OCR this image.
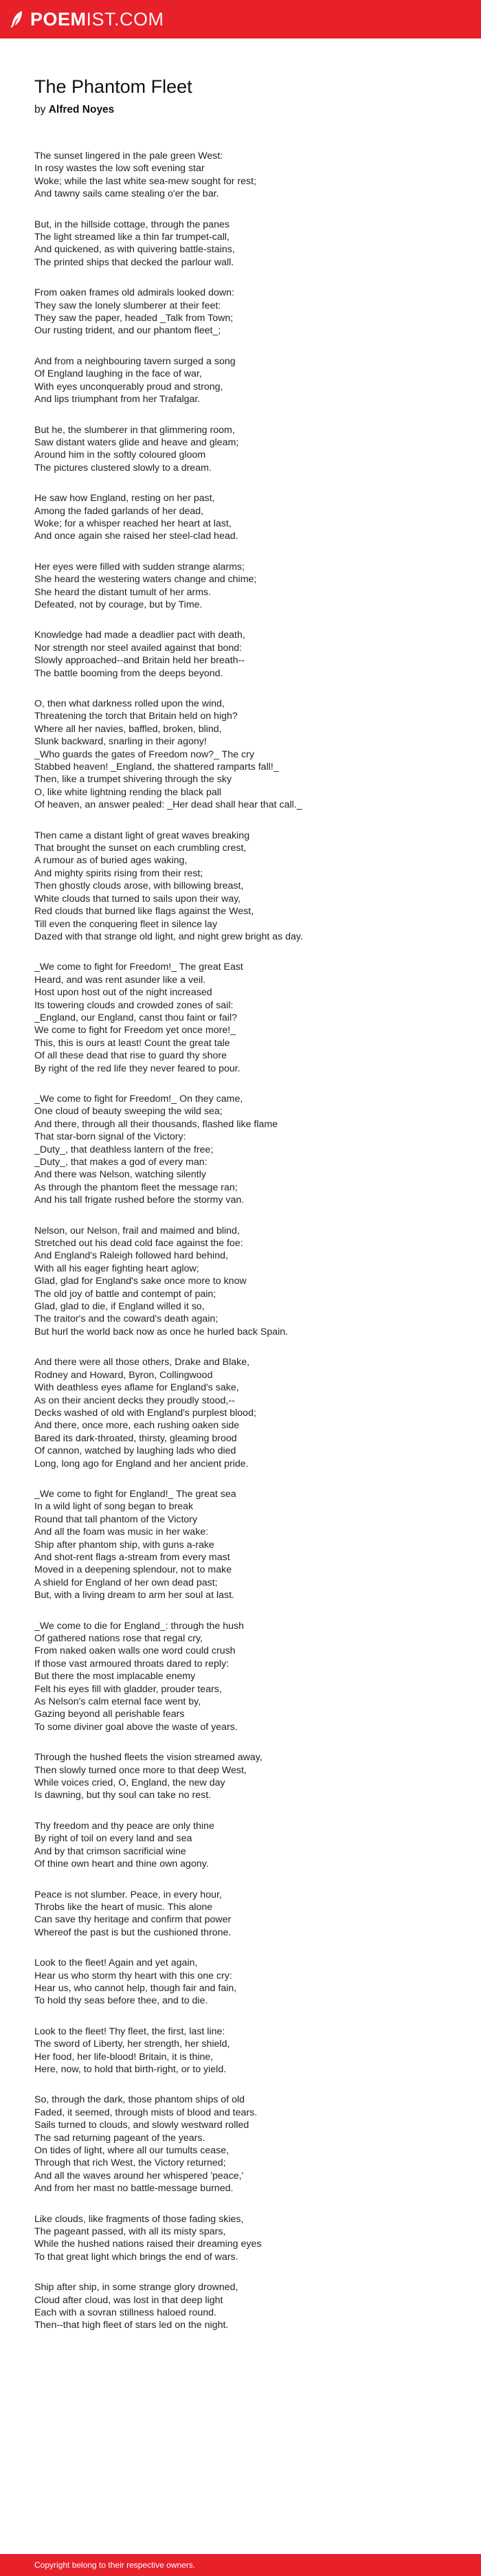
POEM IST.COM
The Phantom Fleet
by Alfred Noyes

The sunset lingered in the pale green West:
In rosy wastes the low soft evening star
Woke; while the last white sea-mew sought for rest;
And tawny sails came stealing o'er the bar.

But, in the hillside cottage, through the panes
The light streamed like a thin far trumpet-call,
And quickened, as with quivering battle-stains,
The printed ships that decked the parlour wall.

From oaken frames old admirals looked down:
They saw the lonely slumberer at their feet:
They saw the paper, headed _Talk from Town;
Our rusting trident, and our phantom fleet_;

And from a neighbouring tavern surged a song
Of England laughing in the face of war,
With eyes unconquerably proud and strong,
And lips triumphant from her Trafalgar.

But he, the slumberer in that glimmering room,
Saw distant waters glide and heave and gleam;
Around him in the softly coloured gloom
The pictures clustered slowly to a dream.

He saw how England, resting on her past,
Among the faded garlands of her dead,
Woke; for a whisper reached her heart at last,
And once again she raised her steel-clad head.

Her eyes were filled with sudden strange alarms;
She heard the westering waters change and chime;
She heard the distant tumult of her arms.
Defeated, not by courage, but by Time.

Knowledge had made a deadlier pact with death,
Nor strength nor steel availed against that bond:
Slowly approached--and Britain held her breath--
The battle booming from the deeps beyond.

O, then what darkness rolled upon the wind,
Threatening the torch that Britain held on high?
Where all her navies, baffled, broken, blind,
Slunk backward, snarling in their agony!
_Who guards the gates of Freedom now?_ The cry
Stabbed heaven! _England, the shattered ramparts fall!_
Then, like a trumpet shivering through the sky
O, like white lightning rending the black pall
Of heaven, an answer pealed: _Her dead shall hear that call._

Then came a distant light of great waves breaking
That brought the sunset on each crumbling crest,
A rumour as of buried ages waking,
And mighty spirits rising from their rest;
Then ghostly clouds arose, with billowing breast,
White clouds that turned to sails upon their way,
Red clouds that burned like flags against the West,
Till even the conquering fleet in silence lay
Dazed with that strange old light, and night grew bright as day.

_We come to fight for Freedom!_ The great East
Heard, and was rent asunder like a veil.
Host upon host out of the night increased
Its towering clouds and crowded zones of sail:
_England, our England, canst thou faint or fail?
We come to fight for Freedom yet once more!_
This, this is ours at least! Count the great tale
Of all these dead that rise to guard thy shore
By right of the red life they never feared to pour.

_We come to fight for Freedom!_ On they came,
One cloud of beauty sweeping the wild sea;
And there, through all their thousands, flashed like flame
That star-born signal of the Victory:
_Duty_, that deathless lantern of the free;
_Duty_, that makes a god of every man:
And there was Nelson, watching silently
As through the phantom fleet the message ran;
And his tall frigate rushed before the stormy van.

Nelson, our Nelson, frail and maimed and blind,
Stretched out his dead cold face against the foe:
And England's Raleigh followed hard behind,
With all his eager fighting heart aglow;
Glad, glad for England's sake once more to know
The old joy of battle and contempt of pain;
Glad, glad to die, if England willed it so,
The traitor's and the coward's death again;
But hurl the world back now as once he hurled back Spain.

And there were all those others, Drake and Blake,
Rodney and Howard, Byron, Collingwood
With deathless eyes aflame for England's sake,
As on their ancient decks they proudly stood,--
Decks washed of old with England's purplest blood;
And there, once more, each rushing oaken side
Bared its dark-throated, thirsty, gleaming brood
Of cannon, watched by laughing lads who died
Long, long ago for England and her ancient pride.

_We come to fight for England!_ The great sea
In a wild light of song began to break
Round that tall phantom of the Victory
And all the foam was music in her wake:
Ship after phantom ship, with guns a-rake
And shot-rent flags a-stream from every mast
Moved in a deepening splendour, not to make
A shield for England of her own dead past;
But, with a living dream to arm her soul at last.

_We come to die for England_: through the hush
Of gathered nations rose that regal cry,
From naked oaken walls one word could crush
If those vast armoured throats dared to reply:
But there the most implacable enemy
Felt his eyes fill with gladder, prouder tears,
As Nelson's calm eternal face went by,
Gazing beyond all perishable fears
To some diviner goal above the waste of years.

Through the hushed fleets the vision streamed away,
Then slowly turned once more to that deep West,
While voices cried, O, England, the new day
Is dawning, but thy soul can take no rest.

Thy freedom and thy peace are only thine
By right of toil on every land and sea
And by that crimson sacrificial wine
Of thine own heart and thine own agony.

Peace is not slumber. Peace, in every hour,
Throbs like the heart of music. This alone
Can save thy heritage and confirm that power
Whereof the past is but the cushioned throne.

Look to the fleet! Again and yet again,
Hear us who storm thy heart with this one cry:
Hear us, who cannot help, though fair and fain,
To hold thy seas before thee, and to die.

Look to the fleet! Thy fleet, the first, last line:
The sword of Liberty, her strength, her shield,
Her food, her life-blood! Britain, it is thine,
Here, now, to hold that birth-right, or to yield.

So, through the dark, those phantom ships of old
Faded, it seemed, through mists of blood and tears.
Sails turned to clouds, and slowly westward rolled
The sad returning pageant of the years.
On tides of light, where all our tumults cease,
Through that rich West, the Victory returned;
And all the waves around her whispered 'peace,'
And from her mast no battle-message burned.

Like clouds, like fragments of those fading skies,
The pageant passed, with all its misty spars,
While the hushed nations raised their dreaming eyes
To that great light which brings the end of wars.

Ship after ship, in some strange glory drowned,
Cloud after cloud, was lost in that deep light
Each with a sovran stillness haloed round.
Then--that high fleet of stars led on the night.

Copyright belong to their respective owners.
